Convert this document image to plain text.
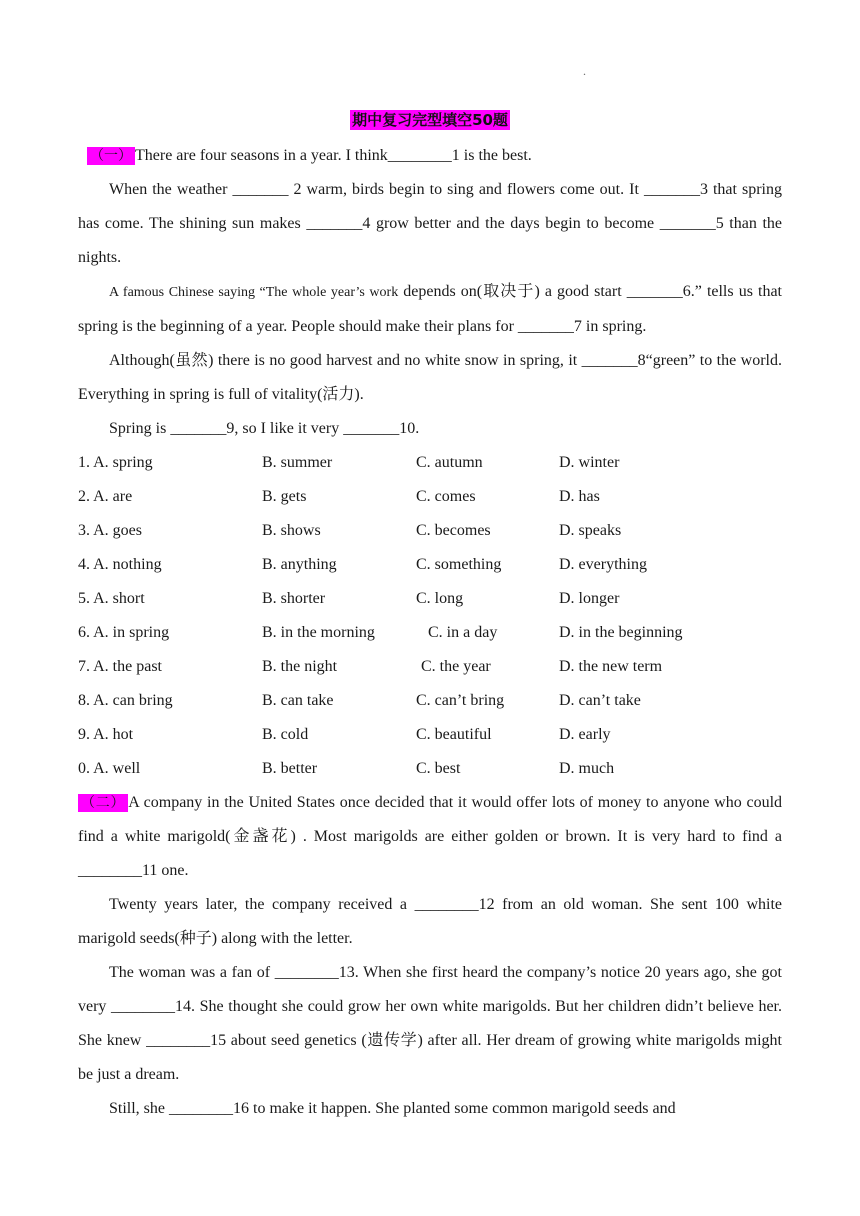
.
期中复习完型填空50题

（一） There are four seasons in a year. I think________1 is the best.

When the weather _______ 2 warm, birds begin to sing and flowers come out. It _______3 that spring has come. The shining sun makes _______4 grow better and the days begin to become _______5 than the nights.

A famous Chinese saying “The whole year’s work depends on(取决于) a good start _______6.” tells us that spring is the beginning of a year. People should make their plans for _______7 in spring.

Although(虽然) there is no good harvest and no white snow in spring, it _______8“green” to the world. Everything in spring is full of vitality(活力).

Spring is _______9, so I like it very _______10.

1. A. spring	B. summer	C. autumn	D. winter
2. A. are	B. gets	C. comes	D. has
3. A. goes	B. shows	C. becomes	D. speaks
4. A. nothing	B. anything	C. something	D. everything
5. A. short	B. shorter	C. long	D. longer
6. A. in spring	B. in the morning	C. in a day	D. in the beginning
7. A. the past	B. the night	C. the year	D. the new term
8. A. can bring	B. can take	C. can’t bring	D. can’t take
9. A. hot	B. cold	C. beautiful	D. early
0. A. well	B. better	C. best	D. much

（二） A company in the United States once decided that it would offer lots of money to anyone who could find a white marigold(金盏花) . Most marigolds are either golden or brown. It is very hard to find a ________11 one.

Twenty years later, the company received a ________12 from an old woman. She sent 100 white marigold seeds(种子) along with the letter.

The woman was a fan of ________13. When she first heard the company’s notice 20 years ago, she got very ________14. She thought she could grow her own white marigolds. But her children didn’t believe her. She knew ________15 about seed genetics (遗传学) after all. Her dream of growing white marigolds might be just a dream.

Still, she ________16 to make it happen. She planted some common marigold seeds and
